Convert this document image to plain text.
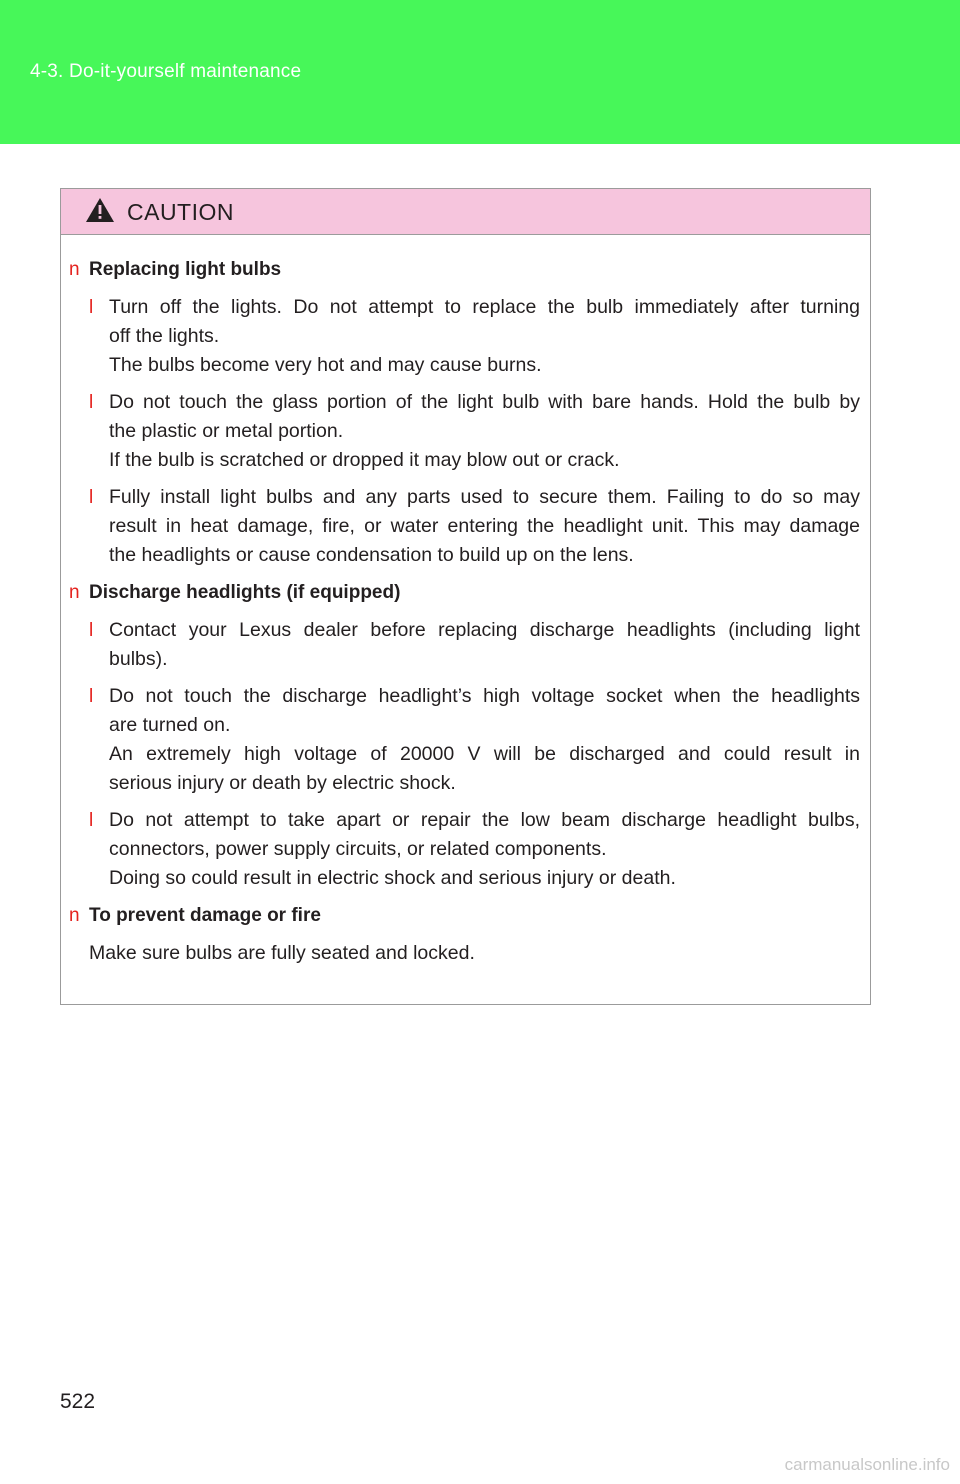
4-3. Do-it-yourself maintenance
CAUTION
n Replacing light bulbs
l Turn off the lights. Do not attempt to replace the bulb immediately after turning
off the lights.
The bulbs become very hot and may cause burns.
l Do not touch the glass portion of the light bulb with bare hands. Hold the bulb by
the plastic or metal portion.
If the bulb is scratched or dropped it may blow out or crack.
l Fully install light bulbs and any parts used to secure them. Failing to do so may
result in heat damage, fire, or water entering the headlight unit. This may damage
the headlights or cause condensation to build up on the lens.
n Discharge headlights (if equipped)
l Contact your Lexus dealer before replacing discharge headlights (including light
bulbs).
l Do not touch the discharge headlight’s high voltage socket when the headlights
are turned on.
An extremely high voltage of 20000 V will be discharged and could result in
serious injury or death by electric shock.
l Do not attempt to take apart or repair the low beam discharge headlight bulbs,
connectors, power supply circuits, or related components.
Doing so could result in electric shock and serious injury or death.
n To prevent damage or fire
Make sure bulbs are fully seated and locked.
522
carmanualsonline.info
